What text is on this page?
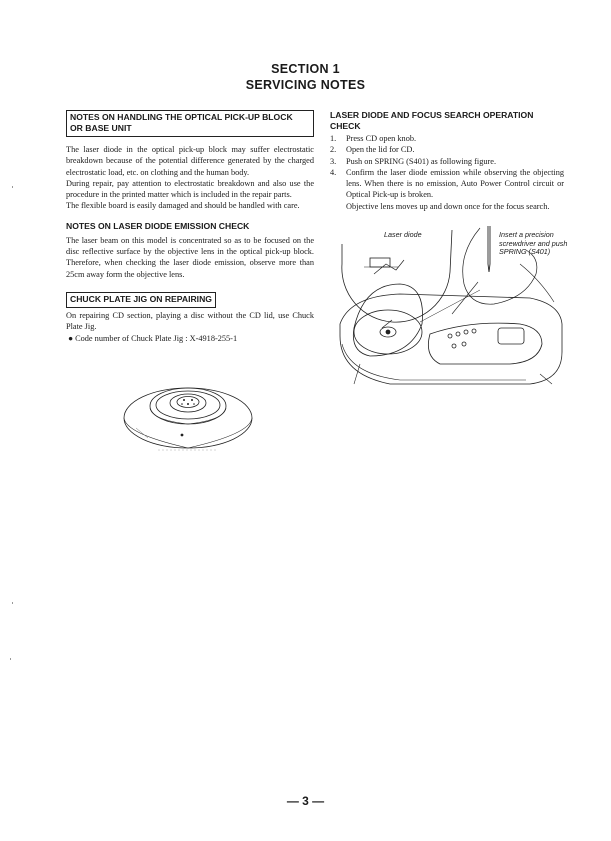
SECTION 1
SERVICING NOTES
NOTES ON HANDLING THE OPTICAL PICK-UP BLOCK
OR BASE UNIT

The laser diode in the optical pick-up block may suffer electrostatic breakdown because of the potential difference generated by the charged electrostatic load, etc. on clothing and the human body.

During repair, pay attention to electrostatic breakdown and also use the procedure in the printed matter which is included in the repair parts.

The flexible board is easily damaged and should be handled with care.

NOTES ON LASER DIODE EMISSION CHECK

The laser beam on this model is concentrated so as to be focused on the disc reflective surface by the objective lens in the optical pick-up block. Therefore, when checking the laser diode emission, observe more than 25cm away form the objective lens.

CHUCK PLATE JIG ON REPAIRING

On repairing CD section, playing a disc without the CD lid, use Chuck Plate Jig.

● Code number of Chuck Plate Jig : X-4918-255-1
LASER DIODE AND FOCUS SEARCH OPERATION
CHECK
1. Press CD open knob.
2. Open the lid for CD.
3. Push on SPRING (S401) as following figure.
4. Confirm the laser diode emission while observing the objecting lens. When there is no emission, Auto Power Control circuit or Optical Pick-up is broken.
Objective lens moves up and down once for the focus search.
Laser diode	Insert a precision
screwdriver and push
SPRING (S401)
— 3 —
